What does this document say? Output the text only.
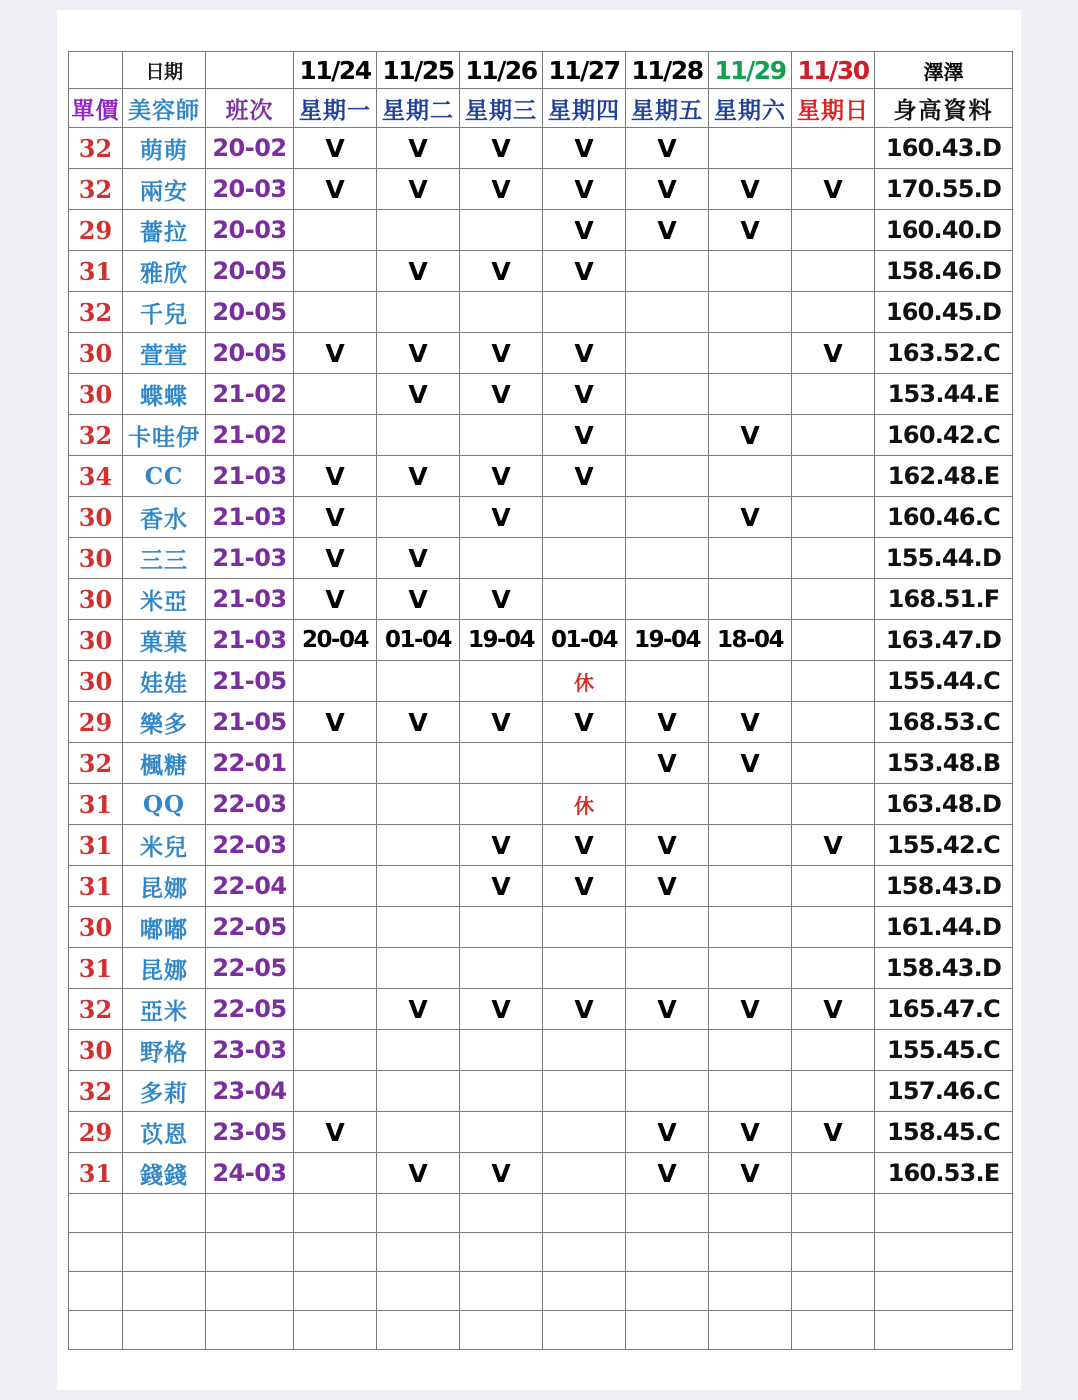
	日期		11/24	11/25	11/26	11/27	11/28	11/29	11/30	澤澤
單價	美容師	班次	星期一	星期二	星期三	星期四	星期五	星期六	星期日	身高資料
32	萌萌	20-02	V	V	V	V	V			160.43.D
32	兩安	20-03	V	V	V	V	V	V	V	170.55.D
29	薔拉	20-03				V	V	V		160.40.D
31	雅欣	20-05		V	V	V				158.46.D
32	千兒	20-05								160.45.D
30	萱萱	20-05	V	V	V	V			V	163.52.C
30	蝶蝶	21-02		V	V	V				153.44.E
32	卡哇伊	21-02				V		V		160.42.C
34	CC	21-03	V	V	V	V				162.48.E
30	香水	21-03	V		V			V		160.46.C
30	三三	21-03	V	V						155.44.D
30	米亞	21-03	V	V	V					168.51.F
30	菓菓	21-03	20-04	01-04	19-04	01-04	19-04	18-04		163.47.D
30	娃娃	21-05				休				155.44.C
29	樂多	21-05	V	V	V	V	V	V		168.53.C
32	楓糖	22-01					V	V		153.48.B
31	QQ	22-03				休				163.48.D
31	米兒	22-03			V	V	V		V	155.42.C
31	昆娜	22-04			V	V	V			158.43.D
30	嘟嘟	22-05								161.44.D
31	昆娜	22-05								158.43.D
32	亞米	22-05		V	V	V	V	V	V	165.47.C
30	野格	23-03								155.45.C
32	多莉	23-04								157.46.C
29	苡恩	23-05	V				V	V	V	158.45.C
31	錢錢	24-03		V	V		V	V		160.53.E
